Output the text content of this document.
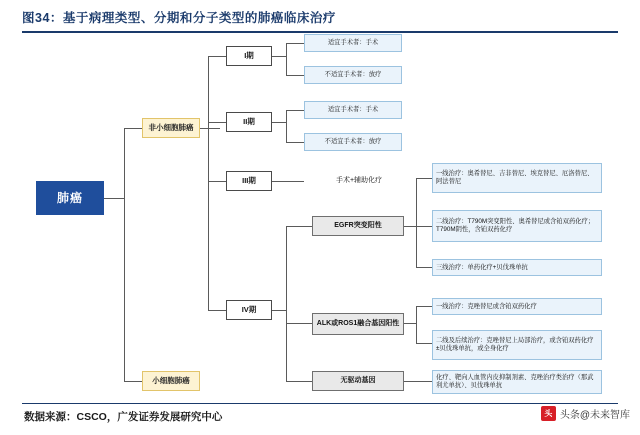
图34：基于病理类型、分期和分子类型的肺癌临床治疗
肺癌
非小细胞肺癌
小细胞肺癌
I期
II期
III期
IV期
适宜手术者：手术
不适宜手术者：放疗
适宜手术者：手术
不适宜手术者：放疗
手术+辅助化疗
EGFR突变阳性
ALK或ROS1融合基因阳性
无驱动基因
一线治疗：奥希替尼、吉非替尼、埃克替尼、厄洛替尼、阿法替尼
二线治疗：T790M突变阳性、奥希替尼或含铂双药化疗；T790M阴性，含铂双药化疗
三线治疗：单药化疗+贝伐珠单抗
一线治疗：克唑替尼或含铂双药化疗
二线及后续治疗：克唑替尼上局部治疗，或含铂双药化疗±贝伐珠单抗，或全身化疗
化疗、靶向人血管内皮抑制剂素、克唑治疗类治疗（那武利尤单抗）、贝伐珠单抗
数据来源：CSCO，广发证券发展研究中心	头 头条@未来智库
